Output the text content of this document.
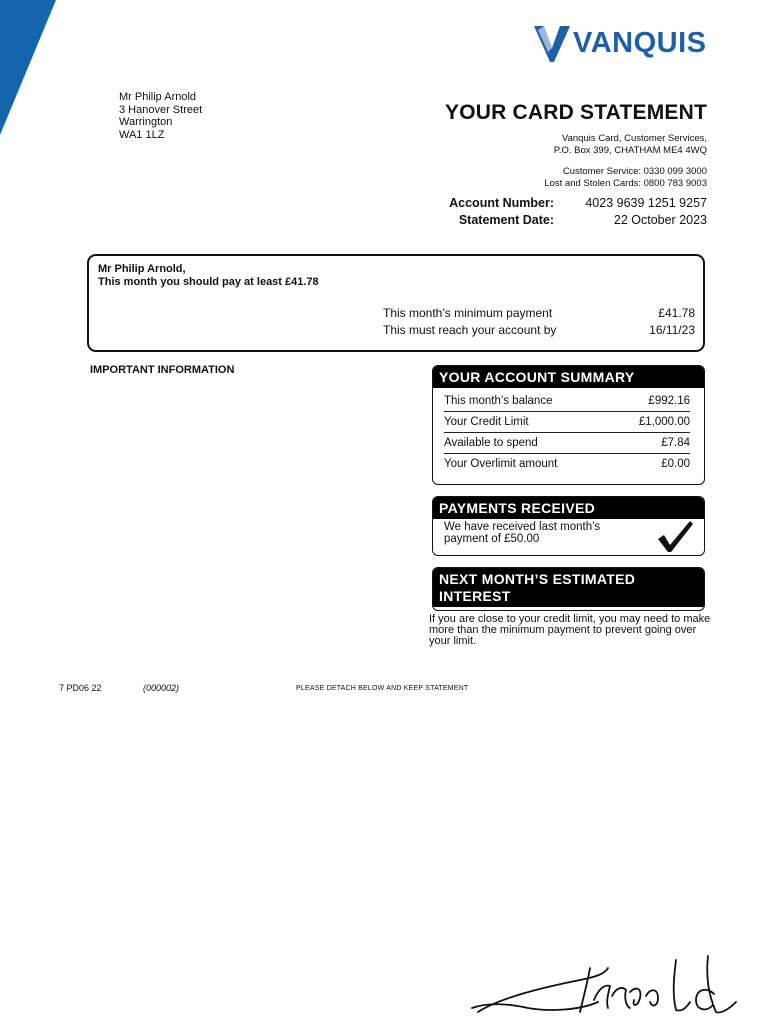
VANQUIS
Mr Philip Arnold
3 Hanover Street
Warrington
WA1 1LZ
YOUR CARD STATEMENT
Vanquis Card, Customer Services,
P.O. Box 399, CHATHAM ME4 4WQ
Customer Service: 0330 099 3000
Lost and Stolen Cards: 0800 783 9003
Account Number:	4023 9639 1251 9257
Statement Date:	22 October 2023
Mr Philip Arnold,
This month you should pay at least £41.78
This month’s minimum payment	£41.78
This must reach your account by	16/11/23
IMPORTANT INFORMATION	YOUR ACCOUNT SUMMARY
This month’s balance	£992.16
Your Credit Limit	£1,000.00
Available to spend	£7.84
Your Overlimit amount	£0.00
PAYMENTS RECEIVED
We have received last month’s payment of £50.00
NEXT MONTH’S ESTIMATED INTEREST
If you are close to your credit limit, you may need to make more than the minimum payment to prevent going over your limit.
7 PD06 22	(000002)	PLEASE DETACH BELOW AND KEEP STATEMENT
